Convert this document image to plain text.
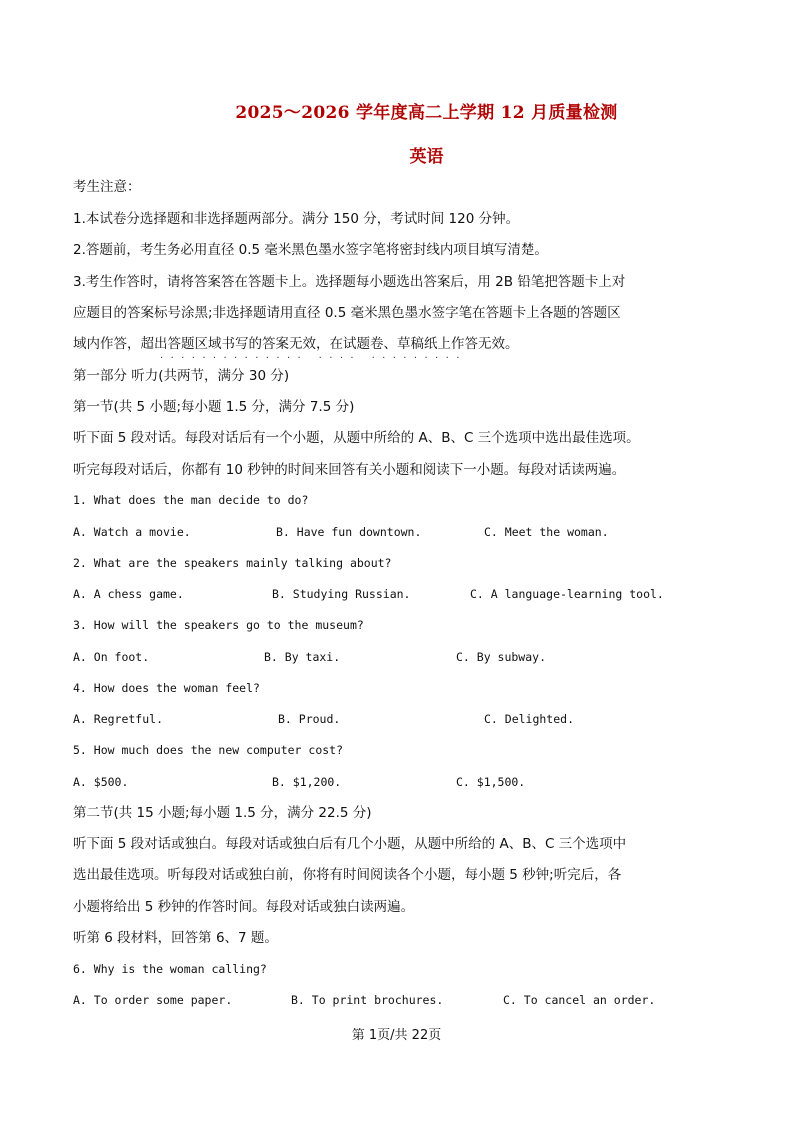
2025～2026 学年度高二上学期 12 月质量检测
英语
考生注意：
1.本试卷分选择题和非选择题两部分。满分 150 分，考试时间 120 分钟。
2.答题前，考生务必用直径 0.5 毫米黑色墨水签字笔将密封线内项目填写清楚。
3.考生作答时，请将答案答在答题卡上。选择题每小题选出答案后，用 2B 铅笔把答题卡上对
应题目的答案标号涂黑;非选择题请用直径 0.5 毫米黑色墨水签字笔在答题卡上各题的答题区
域内作答，超出答题区域书写的答案无效，在试题卷、草稿纸上作答无效。
·············· ···· ·········
第一部分 听力(共两节，满分 30 分)
第一节(共 5 小题;每小题 1.5 分，满分 7.5 分)
听下面 5 段对话。每段对话后有一个小题，从题中所给的 A、B、C 三个选项中选出最佳选项。
听完每段对话后，你都有 10 秒钟的时间来回答有关小题和阅读下一小题。每段对话读两遍。
1. What does the man decide to do?
A. Watch a movie.	B. Have fun downtown.	C. Meet the woman.
2. What are the speakers mainly talking about?
A. A chess game.	B. Studying Russian.	C. A language-learning tool.
3. How will the speakers go to the museum?
A. On foot.	B. By taxi.	C. By subway.
4. How does the woman feel?
A. Regretful.	B. Proud.	C. Delighted.
5. How much does the new computer cost?
A. $500.	B. $1,200.	C. $1,500.
第二节(共 15 小题;每小题 1.5 分，满分 22.5 分)
听下面 5 段对话或独白。每段对话或独白后有几个小题，从题中所给的 A、B、C 三个选项中
选出最佳选项。听每段对话或独白前，你将有时间阅读各个小题，每小题 5 秒钟;听完后，各
小题将给出 5 秒钟的作答时间。每段对话或独白读两遍。
听第 6 段材料，回答第 6、7 题。
6. Why is the woman calling?
A. To order some paper.	B. To print brochures.	C. To cancel an order.
第 1页/共 22页
